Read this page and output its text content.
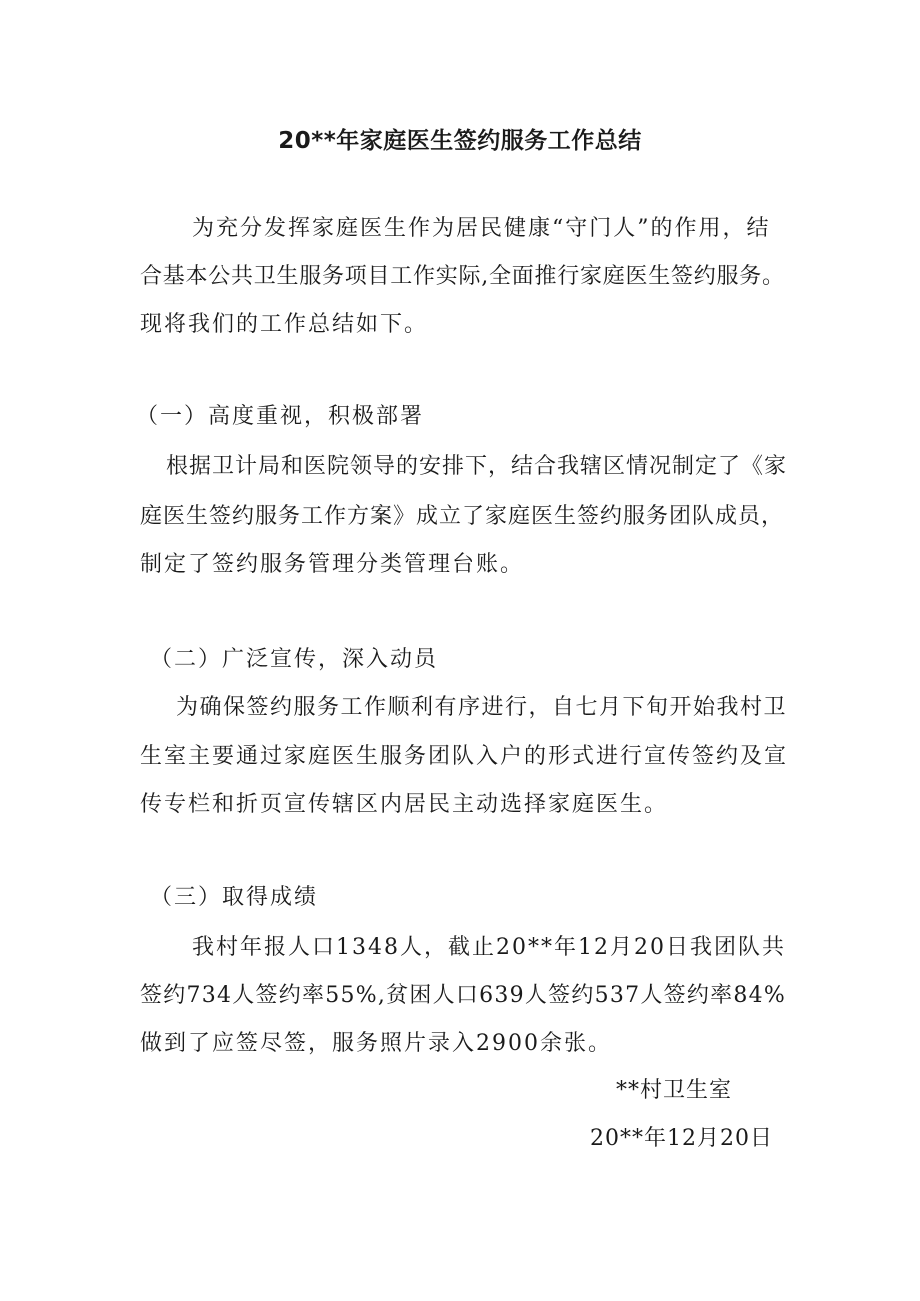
20**年家庭医生签约服务工作总结
为充分发挥家庭医生作为居民健康“守门人”的作用，结
合基本公共卫生服务项目工作实际,全面推行家庭医生签约服务。
现将我们的工作总结如下。
（一）高度重视，积极部署
根据卫计局和医院领导的安排下，结合我辖区情况制定了《家
庭医生签约服务工作方案》成立了家庭医生签约服务团队成员，
制定了签约服务管理分类管理台账。
（二）广泛宣传，深入动员
为确保签约服务工作顺利有序进行，自七月下旬开始我村卫
生室主要通过家庭医生服务团队入户的形式进行宣传签约及宣
传专栏和折页宣传辖区内居民主动选择家庭医生。
（三）取得成绩
我村年报人口1348人，截止20**年12月20日我团队共
签约734人签约率55%,贫困人口639人签约537人签约率84%
做到了应签尽签，服务照片录入2900余张。
**村卫生室
20**年12月20日
